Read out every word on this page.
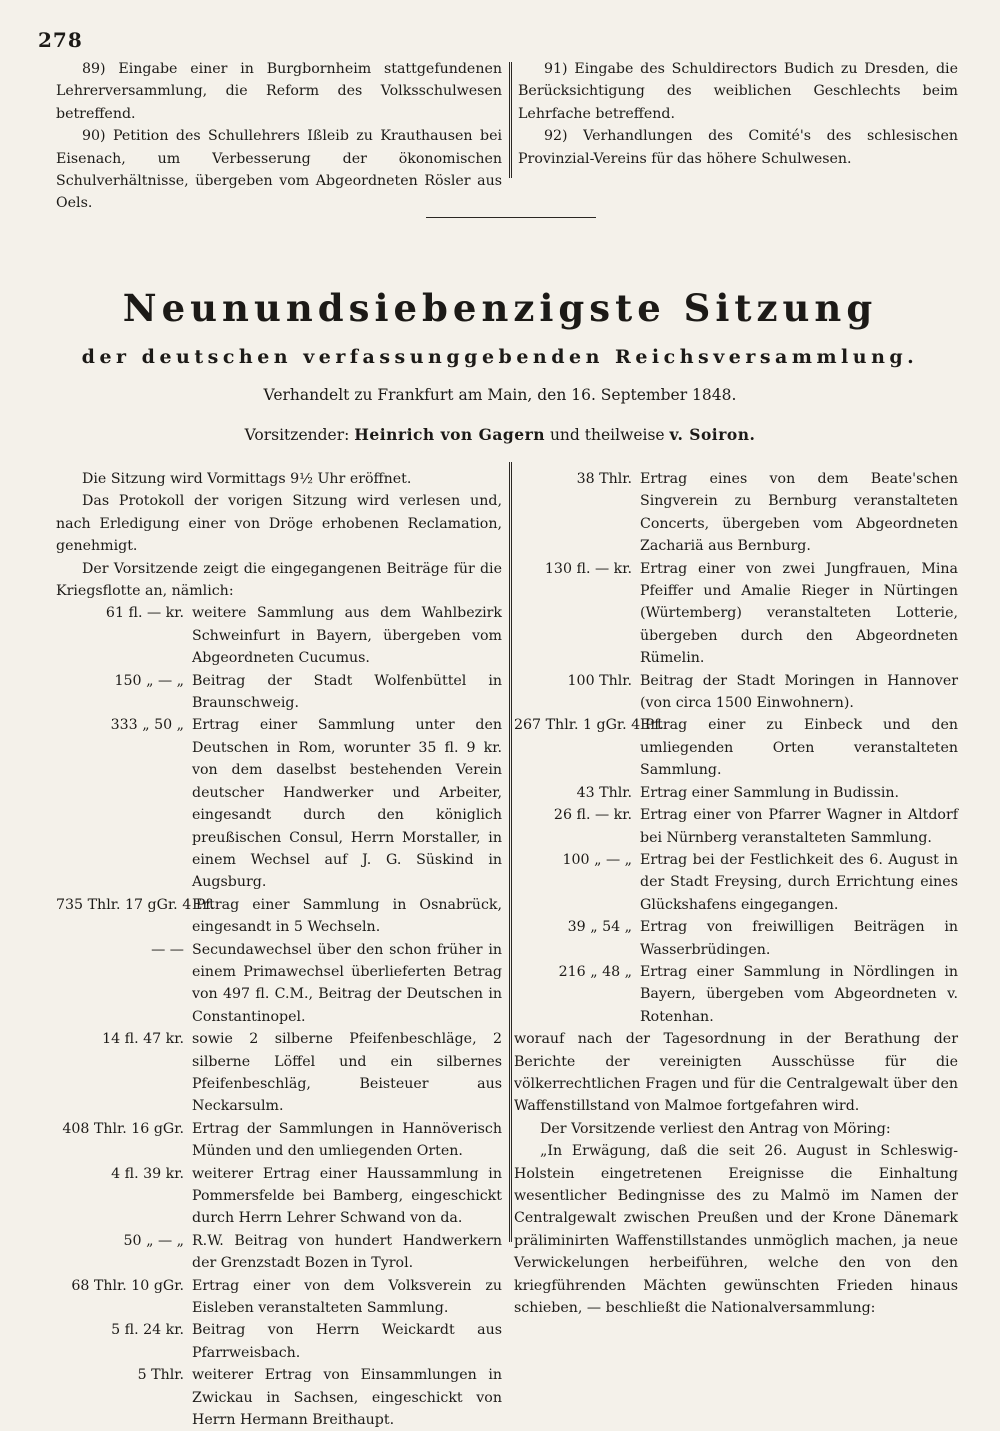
278

89) Eingabe einer in Burgbornheim stattgefundenen Lehrerversammlung, die Reform des Volksschulwesen betreffend.

90) Petition des Schullehrers Ißleib zu Krauthausen bei Eisenach, um Verbesserung der ökonomischen Schulverhältnisse, übergeben vom Abgeordneten Rösler aus Oels.

91) Eingabe des Schuldirectors Budich zu Dresden, die Berücksichtigung des weiblichen Geschlechts beim Lehrfache betreffend.

92) Verhandlungen des Comité's des schlesischen Provinzial-Vereins für das höhere Schulwesen.

Neunundsiebenzigste Sitzung
der deutschen verfassunggebenden Reichsversammlung.
Verhandelt zu Frankfurt am Main, den 16. September 1848.
Vorsitzender: Heinrich von Gagern und theilweise v. Soiron.

Die Sitzung wird Vormittags 9½ Uhr eröffnet.

Das Protokoll der vorigen Sitzung wird verlesen und, nach Erledigung einer von Dröge erhobenen Reclamation, genehmigt.

Der Vorsitzende zeigt die eingegangenen Beiträge für die Kriegsflotte an, nämlich:

61 fl. — kr. weitere Sammlung aus dem Wahlbezirk Schweinfurt in Bayern, übergeben vom Abgeordneten Cucumus.
150 „ — „ Beitrag der Stadt Wolfenbüttel in Braunschweig.
333 „ 50 „ Ertrag einer Sammlung unter den Deutschen in Rom, worunter 35 fl. 9 kr. von dem daselbst bestehenden Verein deutscher Handwerker und Arbeiter, eingesandt durch den königlich preußischen Consul, Herrn Morstaller, in einem Wechsel auf J. G. Süskind in Augsburg.
735 Thlr. 17 gGr. 4 Pf.
Ertrag einer Sammlung in Osnabrück, eingesandt in 5 Wechseln.
— — Secundawechsel über den schon früher in einem Primawechsel überlieferten Betrag von 497 fl. C.M., Beitrag der Deutschen in Constantinopel.
14 fl. 47 kr. sowie 2 silberne Pfeifenbeschläge, 2 silberne Löffel und ein silbernes Pfeifenbeschläg, Beisteuer aus Neckarsulm.
408 Thlr. 16 gGr. Ertrag der Sammlungen in Hannöverisch Münden und den umliegenden Orten.
4 fl. 39 kr. weiterer Ertrag einer Haussammlung in Pommersfelde bei Bamberg, eingeschickt durch Herrn Lehrer Schwand von da.
50 „ — „ R.W. Beitrag von hundert Handwerkern der Grenzstadt Bozen in Tyrol.
68 Thlr. 10 gGr. Ertrag einer von dem Volksverein zu Eisleben veranstalteten Sammlung.
5 fl. 24 kr. Beitrag von Herrn Weickardt aus Pfarrweisbach.
5 Thlr. weiterer Ertrag von Einsammlungen in Zwickau in Sachsen, eingeschickt von Herrn Hermann Breithaupt.
38 Thlr. Ertrag eines von dem Beate'schen Singverein zu Bernburg veranstalteten Concerts, übergeben vom Abgeordneten Zachariä aus Bernburg.
130 fl. — kr. Ertrag einer von zwei Jungfrauen, Mina Pfeiffer und Amalie Rieger in Nürtingen (Würtemberg) veranstalteten Lotterie, übergeben durch den Abgeordneten Rümelin.
100 Thlr. Beitrag der Stadt Moringen in Hannover (von circa 1500 Einwohnern).
267 Thlr. 1 gGr. 4 Pf.
Ertrag einer zu Einbeck und den umliegenden Orten veranstalteten Sammlung.
43 Thlr. Ertrag einer Sammlung in Budissin.
26 fl. — kr. Ertrag einer von Pfarrer Wagner in Altdorf bei Nürnberg veranstalteten Sammlung.
100 „ — „ Ertrag bei der Festlichkeit des 6. August in der Stadt Freysing, durch Errichtung eines Glückshafens eingegangen.
39 „ 54 „ Ertrag von freiwilligen Beiträgen in Wasserbrüdingen.
216 „ 48 „ Ertrag einer Sammlung in Nördlingen in Bayern, übergeben vom Abgeordneten v. Rotenhan.

worauf nach der Tagesordnung in der Berathung der Berichte der vereinigten Ausschüsse für die völkerrechtlichen Fragen und für die Centralgewalt über den Waffenstillstand von Malmoe fortgefahren wird.

Der Vorsitzende verliest den Antrag von Möring:

„In Erwägung, daß die seit 26. August in Schleswig-Holstein eingetretenen Ereignisse die Einhaltung wesentlicher Bedingnisse des zu Malmö im Namen der Centralgewalt zwischen Preußen und der Krone Dänemark präliminirten Waffenstillstandes unmöglich machen, ja neue Verwickelungen herbeiführen, welche den von den kriegführenden Mächten gewünschten Frieden hinaus schieben, — beschließt die Nationalversammlung:
